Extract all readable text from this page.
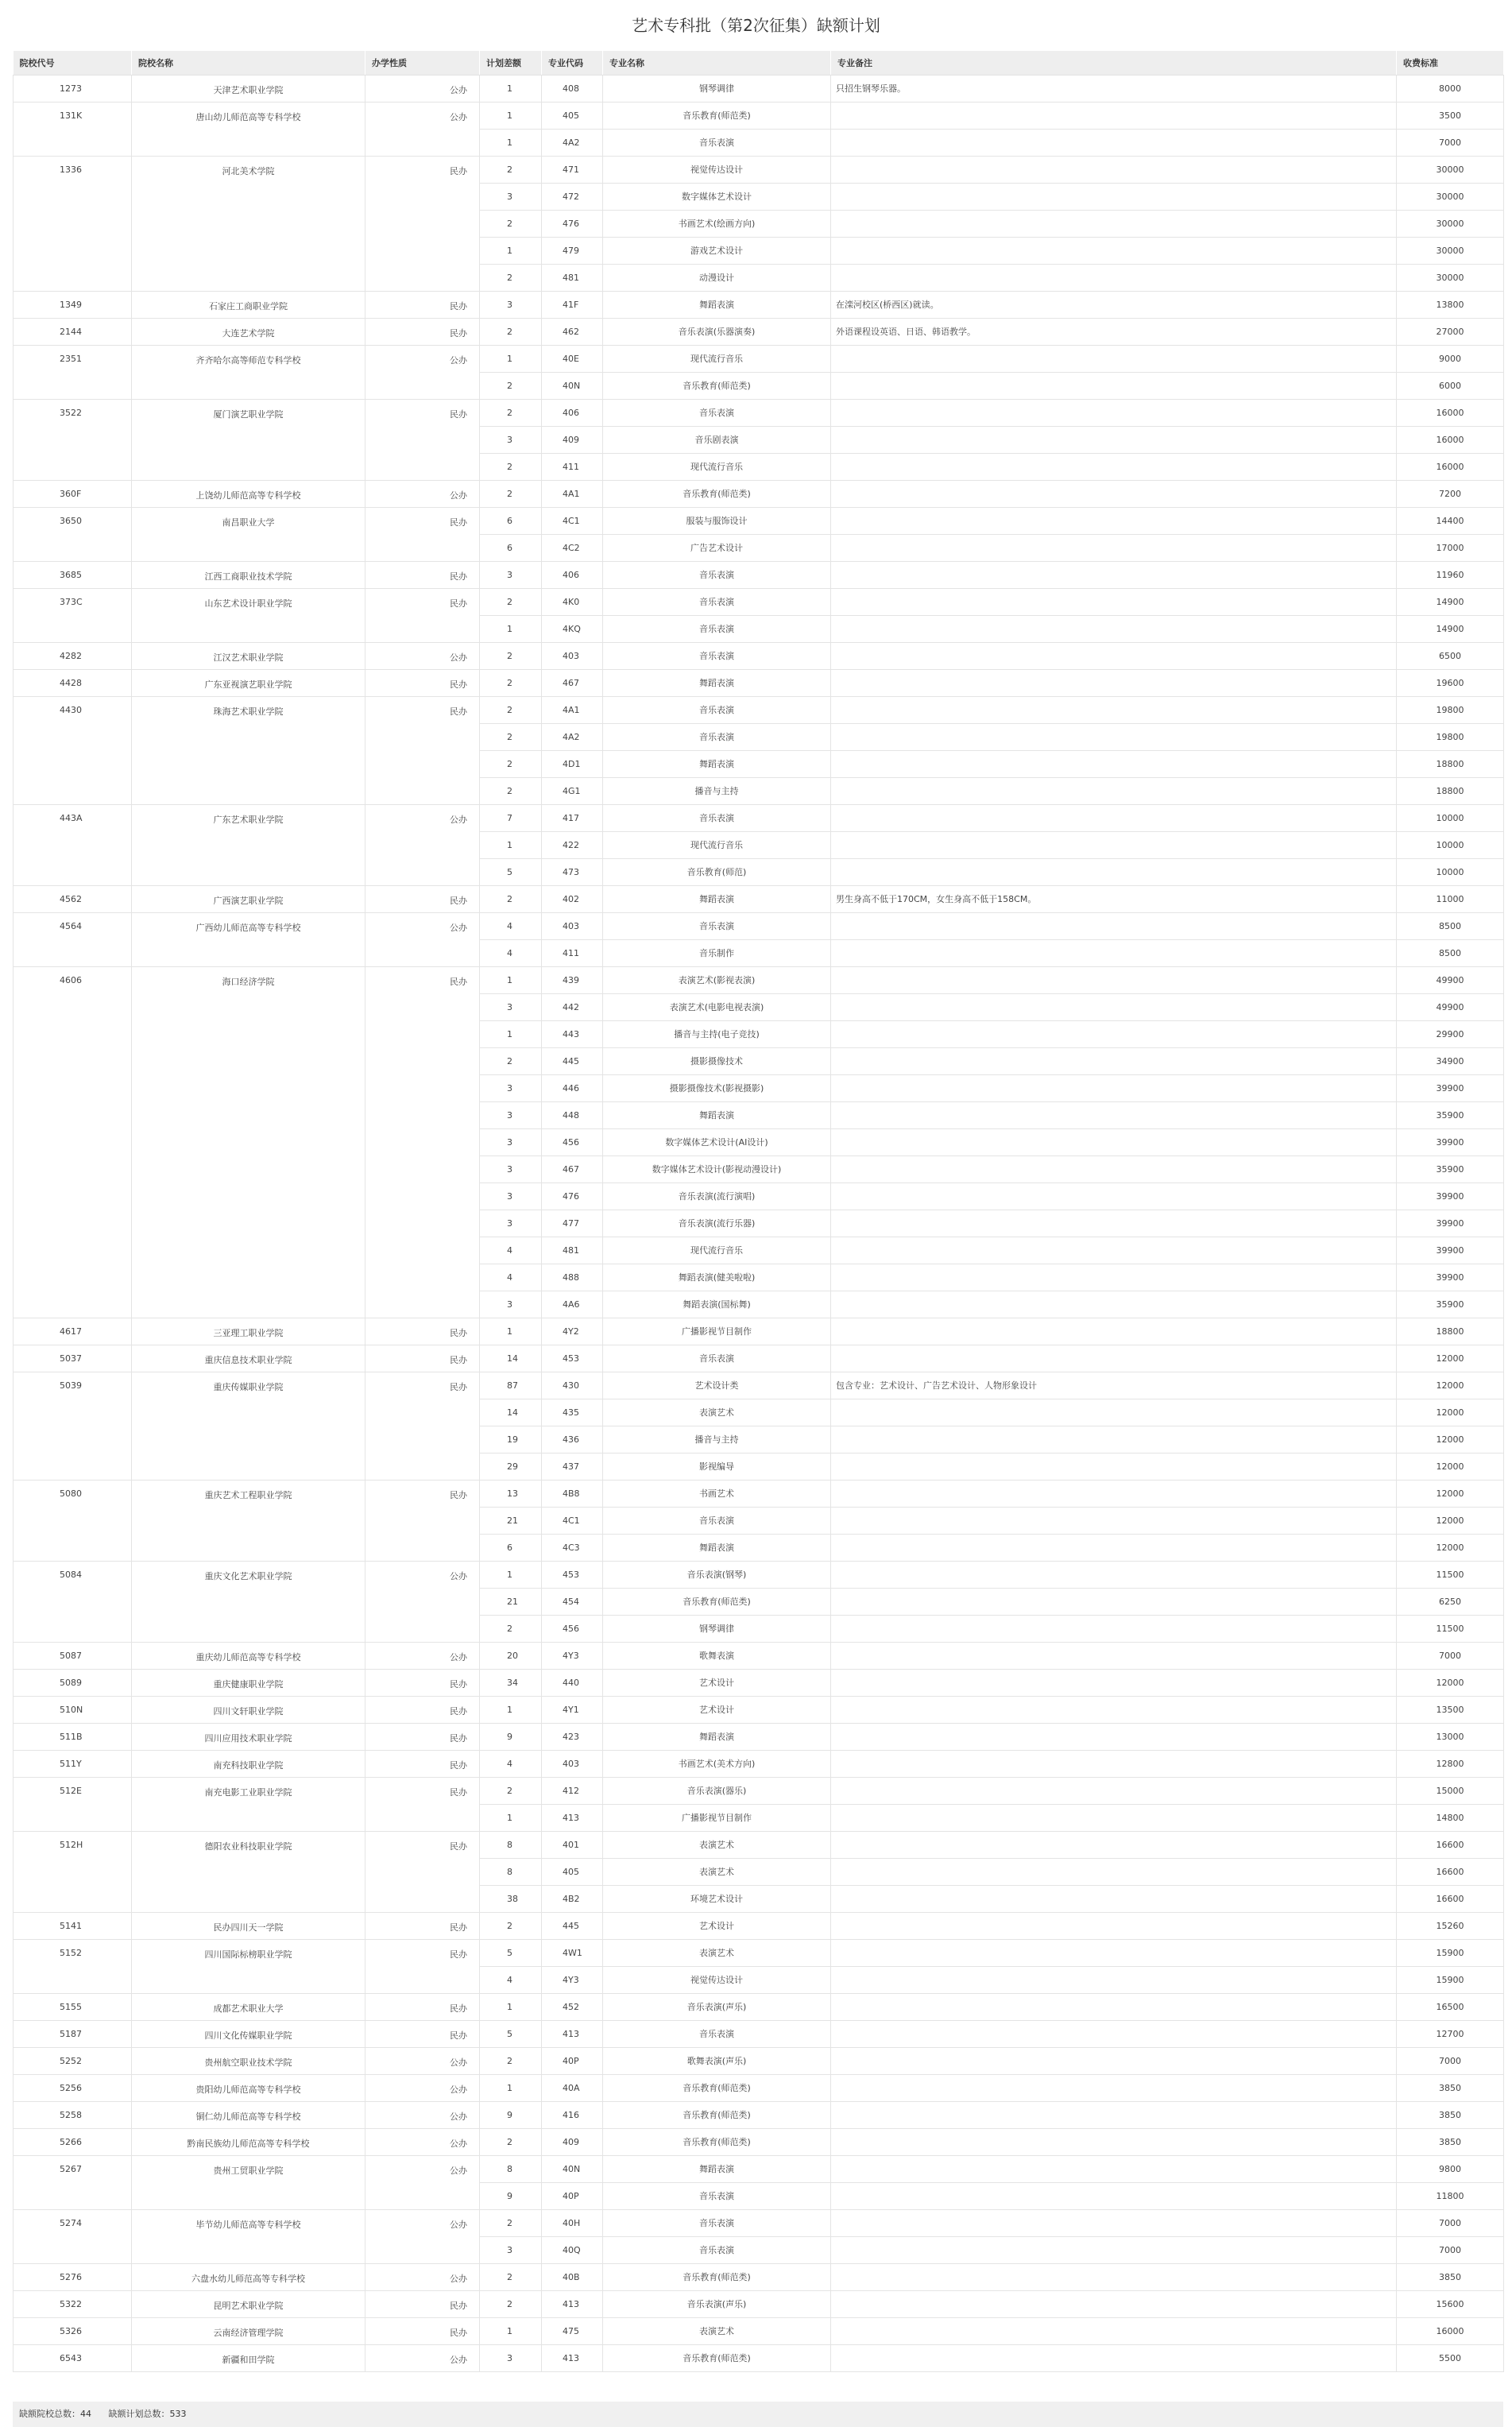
艺术专科批（第2次征集）缺额计划
院校代号	院校名称	办学性质	计划差额	专业代码	专业名称	专业备注	收费标准
1273	天津艺术职业学院	公办	1	408	钢琴调律	只招生钢琴乐器。	8000
131K	唐山幼儿师范高等专科学校	公办	1	405	音乐教育(师范类)		3500
			1	4A2	音乐表演		7000
1336	河北美术学院	民办	2	471	视觉传达设计		30000
			3	472	数字媒体艺术设计		30000
			2	476	书画艺术(绘画方向)		30000
			1	479	游戏艺术设计		30000
			2	481	动漫设计		30000
1349	石家庄工商职业学院	民办	3	41F	舞蹈表演	在滦河校区(桥西区)就读。	13800
2144	大连艺术学院	民办	2	462	音乐表演(乐器演奏)	外语课程设英语、日语、韩语教学。	27000
2351	齐齐哈尔高等师范专科学校	公办	1	40E	现代流行音乐		9000
			2	40N	音乐教育(师范类)		6000
3522	厦门演艺职业学院	民办	2	406	音乐表演		16000
			3	409	音乐剧表演		16000
			2	411	现代流行音乐		16000
360F	上饶幼儿师范高等专科学校	公办	2	4A1	音乐教育(师范类)		7200
3650	南昌职业大学	民办	6	4C1	服装与服饰设计		14400
			6	4C2	广告艺术设计		17000
3685	江西工商职业技术学院	民办	3	406	音乐表演		11960
373C	山东艺术设计职业学院	民办	2	4K0	音乐表演		14900
			1	4KQ	音乐表演		14900
4282	江汉艺术职业学院	公办	2	403	音乐表演		6500
4428	广东亚视演艺职业学院	民办	2	467	舞蹈表演		19600
4430	珠海艺术职业学院	民办	2	4A1	音乐表演		19800
			2	4A2	音乐表演		19800
			2	4D1	舞蹈表演		18800
			2	4G1	播音与主持		18800
443A	广东艺术职业学院	公办	7	417	音乐表演		10000
			1	422	现代流行音乐		10000
			5	473	音乐教育(师范)		10000
4562	广西演艺职业学院	民办	2	402	舞蹈表演	男生身高不低于170CM，女生身高不低于158CM。	11000
4564	广西幼儿师范高等专科学校	公办	4	403	音乐表演		8500
			4	411	音乐制作		8500
4606	海口经济学院	民办	1	439	表演艺术(影视表演)		49900
			3	442	表演艺术(电影电视表演)		49900
			1	443	播音与主持(电子竞技)		29900
			2	445	摄影摄像技术		34900
			3	446	摄影摄像技术(影视摄影)		39900
			3	448	舞蹈表演		35900
			3	456	数字媒体艺术设计(AI设计)		39900
			3	467	数字媒体艺术设计(影视动漫设计)		35900
			3	476	音乐表演(流行演唱)		39900
			3	477	音乐表演(流行乐器)		39900
			4	481	现代流行音乐		39900
			4	488	舞蹈表演(健美啦啦)		39900
			3	4A6	舞蹈表演(国标舞)		35900
4617	三亚理工职业学院	民办	1	4Y2	广播影视节目制作		18800
5037	重庆信息技术职业学院	民办	14	453	音乐表演		12000
5039	重庆传媒职业学院	民办	87	430	艺术设计类	包含专业：艺术设计、广告艺术设计、人物形象设计	12000
			14	435	表演艺术		12000
			19	436	播音与主持		12000
			29	437	影视编导		12000
5080	重庆艺术工程职业学院	民办	13	4B8	书画艺术		12000
			21	4C1	音乐表演		12000
			6	4C3	舞蹈表演		12000
5084	重庆文化艺术职业学院	公办	1	453	音乐表演(钢琴)		11500
			21	454	音乐教育(师范类)		6250
			2	456	钢琴调律		11500
5087	重庆幼儿师范高等专科学校	公办	20	4Y3	歌舞表演		7000
5089	重庆健康职业学院	民办	34	440	艺术设计		12000
510N	四川文轩职业学院	民办	1	4Y1	艺术设计		13500
511B	四川应用技术职业学院	民办	9	423	舞蹈表演		13000
511Y	南充科技职业学院	民办	4	403	书画艺术(美术方向)		12800
512E	南充电影工业职业学院	民办	2	412	音乐表演(器乐)		15000
			1	413	广播影视节目制作		14800
512H	德阳农业科技职业学院	民办	8	401	表演艺术		16600
			8	405	表演艺术		16600
			38	4B2	环境艺术设计		16600
5141	民办四川天一学院	民办	2	445	艺术设计		15260
5152	四川国际标榜职业学院	民办	5	4W1	表演艺术		15900
			4	4Y3	视觉传达设计		15900
5155	成都艺术职业大学	民办	1	452	音乐表演(声乐)		16500
5187	四川文化传媒职业学院	民办	5	413	音乐表演		12700
5252	贵州航空职业技术学院	公办	2	40P	歌舞表演(声乐)		7000
5256	贵阳幼儿师范高等专科学校	公办	1	40A	音乐教育(师范类)		3850
5258	铜仁幼儿师范高等专科学校	公办	9	416	音乐教育(师范类)		3850
5266	黔南民族幼儿师范高等专科学校	公办	2	409	音乐教育(师范类)		3850
5267	贵州工贸职业学院	公办	8	40N	舞蹈表演		9800
			9	40P	音乐表演		11800
5274	毕节幼儿师范高等专科学校	公办	2	40H	音乐表演		7000
			3	40Q	音乐表演		7000
5276	六盘水幼儿师范高等专科学校	公办	2	40B	音乐教育(师范类)		3850
5322	昆明艺术职业学院	民办	2	413	音乐表演(声乐)		15600
5326	云南经济管理学院	民办	1	475	表演艺术		16000
6543	新疆和田学院	公办	3	413	音乐教育(师范类)		5500
缺额院校总数：44 缺额计划总数：533
